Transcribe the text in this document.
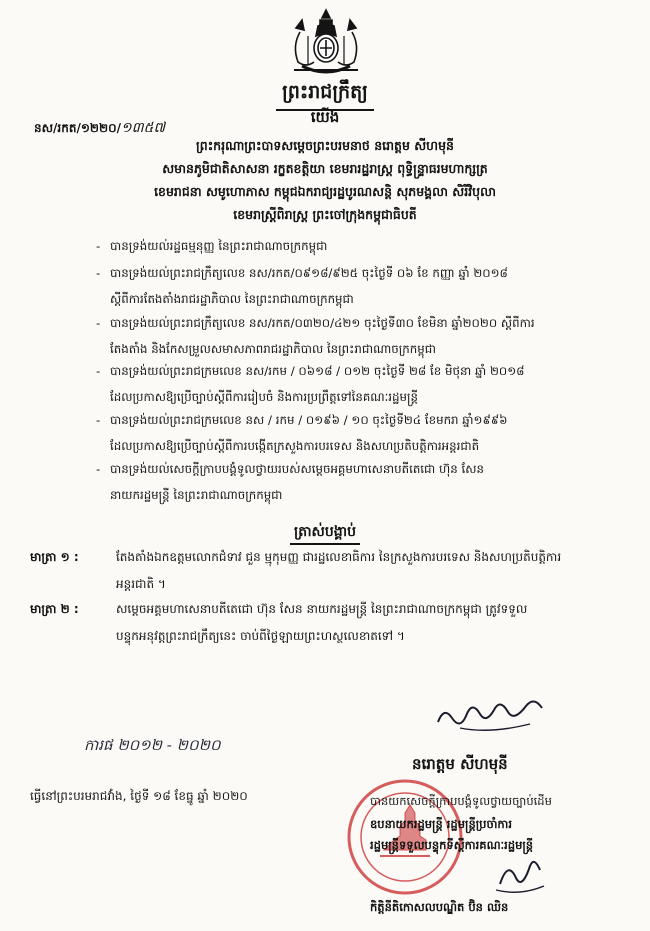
ព្រះរាជក្រឹត្យ
នស/រកត/១២២០/១៣៥៧
យើង
ព្រះករុណាព្រះបាទសម្តេចព្រះបរមនាថ នរោត្តម សីហមុនី
សមានភូមិជាតិសាសនា រក្ខតខត្តិយា ខេមរារដ្ឋរាស្ត្រ ពុទ្ធិន្ទ្រាធរមហាក្សត្រ
ខេមរាជនា សមូហោភាស កម្ពុជឯករាជ្យរដ្ឋបូរណសន្តិ សុភមង្គលា សិរីវិបុលា
ខេមរាស្ត្រីពិរាស្ត្រ ព្រះចៅក្រុងកម្ពុជាធិបតី
- បានទ្រង់យល់រដ្ឋធម្មនុញ្ញ នៃព្រះរាជាណាចក្រកម្ពុជា
- បានទ្រង់យល់ព្រះរាជក្រឹត្យលេខ នស/រកត/០៩១៨/៩២៥ ចុះថ្ងៃទី ០៦ ខែ កញ្ញា ឆ្នាំ ២០១៨
ស្តីពីការតែងតាំងរាជរដ្ឋាភិបាល នៃព្រះរាជាណាចក្រកម្ពុជា
- បានទ្រង់យល់ព្រះរាជក្រឹត្យលេខ នស/រកត/០៣២០/៤២១ ចុះថ្ងៃទី៣០ ខែមិនា ឆ្នាំ២០២០ ស្តីពីការ
តែងតាំង និងកែសម្រួលសមាសភាពរាជរដ្ឋាភិបាល នៃព្រះរាជាណាចក្រកម្ពុជា
- បានទ្រង់យល់ព្រះរាជក្រមលេខ នស/រកម / ០៦១៨ / ០១២ ចុះថ្ងៃទី ២៨ ខែ មិថុនា ឆ្នាំ ២០១៨
ដែលប្រកាសឱ្យប្រើច្បាប់ស្តីពីការរៀបចំ និងការប្រព្រឹត្តទៅនៃគណៈរដ្ឋមន្ត្រី
- បានទ្រង់យល់ព្រះរាជក្រមលេខ នស / រកម / ០១៩៦ / ១០ ចុះថ្ងៃទី២៤ ខែមករា ឆ្នាំ១៩៩៦
ដែលប្រកាសឱ្យប្រើច្បាប់ស្តីពីការបង្កើតក្រសួងការបរទេស និងសហប្រតិបត្តិការអន្តរជាតិ
- បានទ្រង់យល់សេចក្តីក្រាបបង្គំទូលថ្វាយរបស់សម្តេចអគ្គមហាសេនាបតីតេជោ ហ៊ុន សែន
នាយករដ្ឋមន្ត្រី នៃព្រះរាជាណាចក្រកម្ពុជា
ត្រាស់បង្គាប់
មាត្រា ១ :	តែងតាំងឯកឧត្តមលោកជំទាវ ជួន ម្មុកុមញ្ញ ជារដ្ឋលេខាធិការ នៃក្រសួងការបរទេស និងសហប្រតិបត្តិការ
អន្តរជាតិ ។
មាត្រា ២ :	សម្តេចអគ្គមហាសេនាបតីតេជោ ហ៊ុន សែន នាយករដ្ឋមន្ត្រី នៃព្រះរាជាណាចក្រកម្ពុជា ត្រូវទទួល
បន្ទុកអនុវត្តព្រះរាជក្រឹត្យនេះ ចាប់ពីថ្ងៃឡាយព្រះហស្ថលេខាតទៅ ។
ការផ ២០១២ - ២០២០
នរោត្តម សីហមុនី
ធ្វើនៅព្រះបរមរាជវាំង, ថ្ងៃទី ១៨ ខែធ្នូ ឆ្នាំ ២០២០	បានយកសេចក្តីក្រាបបង្គំទូលថ្វាយច្បាប់ដើម
ឧបនាយករដ្ឋមន្ត្រី រដ្ឋមន្ត្រីប្រចាំការ
រដ្ឋមន្ត្រីទទួលបន្ទុកទីស្តីការគណៈរដ្ឋមន្ត្រី
កិត្តិនីតិកោសលបណ្ឌិត ប៊ិន ឈិន
